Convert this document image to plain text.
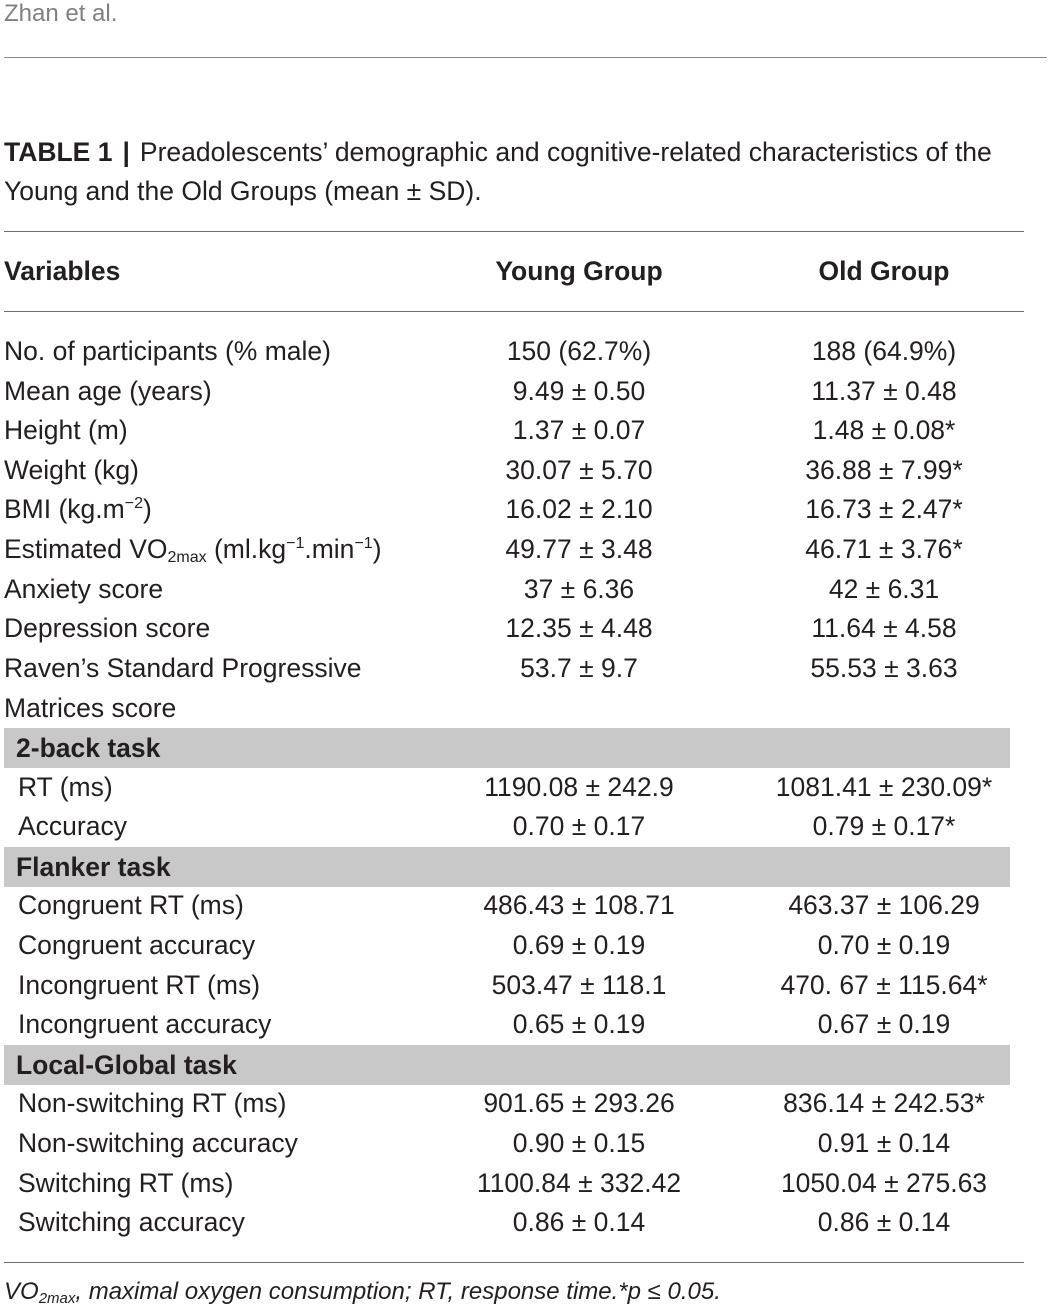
Zhan et al.
TABLE 1 | Preadolescents’ demographic and cognitive-related characteristics of the Young and the Old Groups (mean ± SD).
Variables	Young Group	Old Group
No. of participants (% male)	150 (62.7%)	188 (64.9%)
Mean age (years)	9.49 ± 0.50	11.37 ± 0.48
Height (m)	1.37 ± 0.07	1.48 ± 0.08*
Weight (kg)	30.07 ± 5.70	36.88 ± 7.99*
BMI $(kg.m^{-2})$	16.02 ± 2.10	16.73 ± 2.47*
Estimated $VO_{2max}$ $(ml.kg^{-1}.\min^{-1})$	49.77 ± 3.48	46.71 ± 3.76*
Anxiety score	37 ± 6.36	42 ± 6.31
Depression score	12.35 ± 4.48	11.64 ± 4.58
Raven’s Standard Progressive	53.7 ± 9.7	55.53 ± 3.63
Matrices score
2-back task
RT (ms)	1190.08 ± 242.9	1081.41 ± 230.09*
Accuracy	0.70 ± 0.17	0.79 ± 0.17*
Flanker task
Congruent RT (ms)	486.43 ± 108.71	463.37 ± 106.29
Congruent accuracy	0.69 ± 0.19	0.70 ± 0.19
Incongruent RT (ms)	503.47 ± 118.1	470. 67 ± 115.64*
Incongruent accuracy	0.65 ± 0.19	0.67 ± 0.19
Local-Global task
Non-switching RT (ms)	901.65 ± 293.26	836.14 ± 242.53*
Non-switching accuracy	0.90 ± 0.15	0.91 ± 0.14
Switching RT (ms)	1100.84 ± 332.42	1050.04 ± 275.63
Switching accuracy	0.86 ± 0.14	0.86 ± 0.14
$VO_{2max}$, maximal oxygen consumption; RT, response time.*p ≤ 0.05.
